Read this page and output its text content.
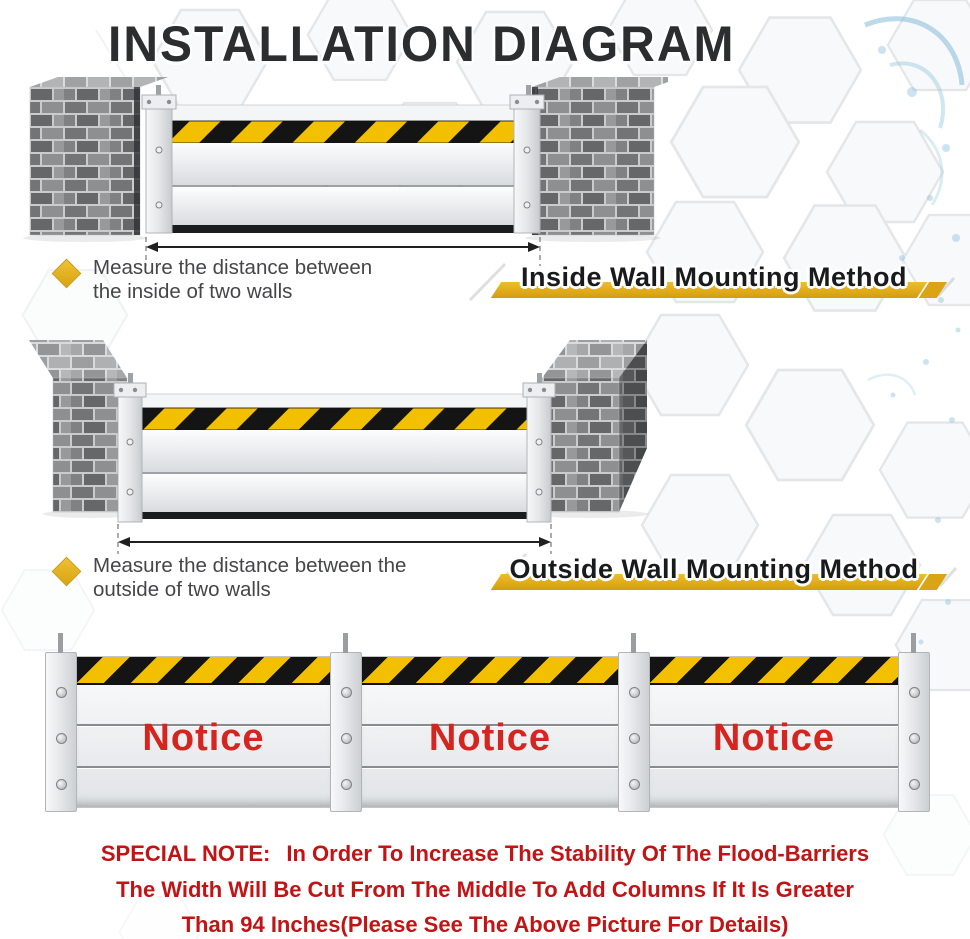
INSTALLATION DIAGRAM
Measure the distance between
the inside of two walls	Inside Wall Mounting Method
Measure the distance between the
outside of two walls
Outside Wall Mounting Method
Notice	Notice	Notice
SPECIAL NOTE: In Order To Increase The Stability Of The Flood-Barriers
The Width Will Be Cut From The Middle To Add Columns If It Is Greater
Than 94 Inches(Please See The Above Picture For Details)
